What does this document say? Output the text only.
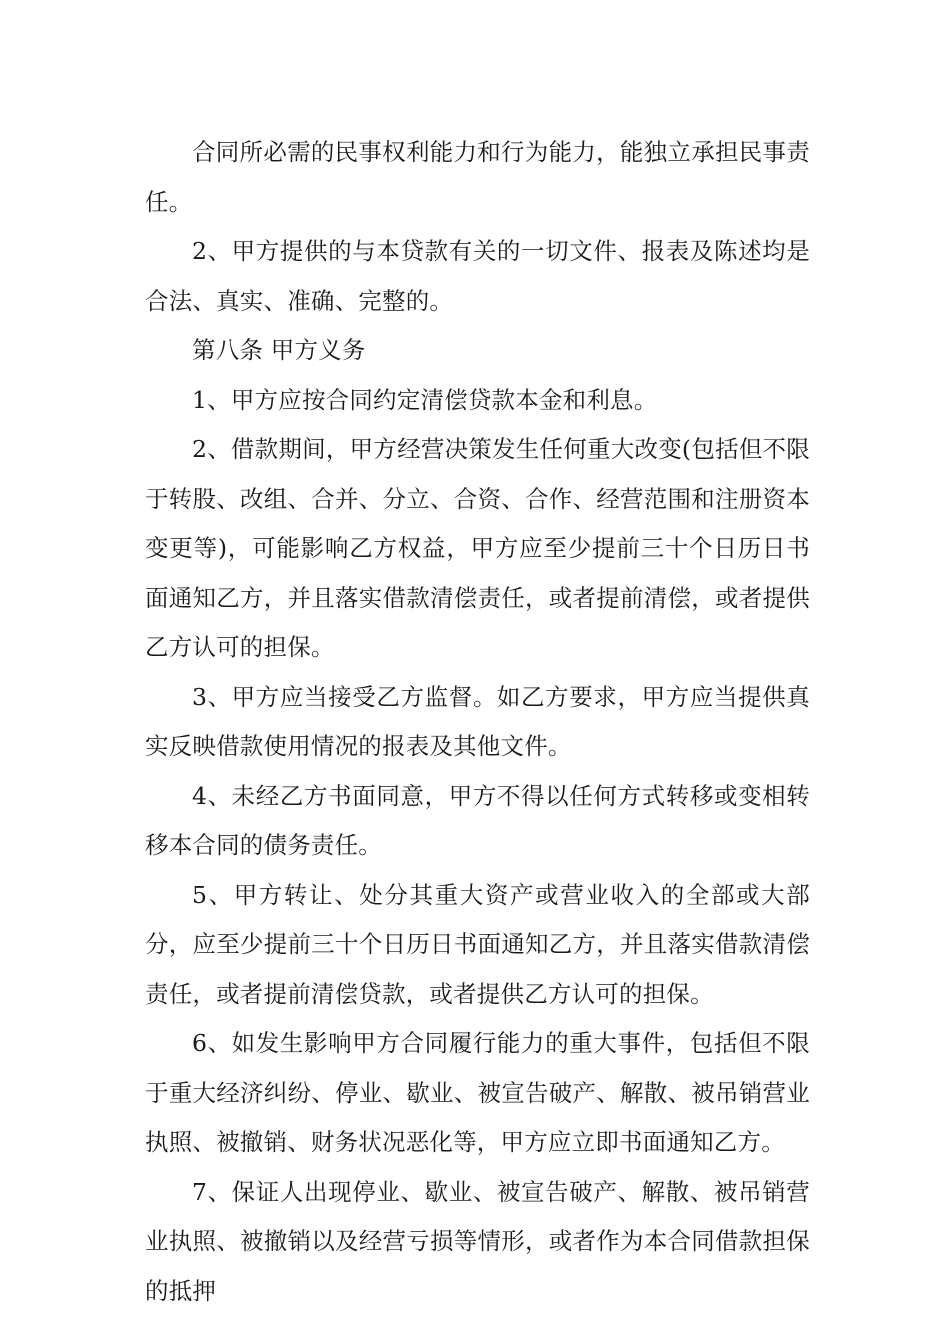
合同所必需的民事权利能力和行为能力，能独立承担民事责任。

2、甲方提供的与本贷款有关的一切文件、报表及陈述均是合法、真实、准确、完整的。

第八条 甲方义务

1、甲方应按合同约定清偿贷款本金和利息。

2、借款期间，甲方经营决策发生任何重大改变(包括但不限于转股、改组、合并、分立、合资、合作、经营范围和注册资本变更等)，可能影响乙方权益，甲方应至少提前三十个日历日书面通知乙方，并且落实借款清偿责任，或者提前清偿，或者提供乙方认可的担保。

3、甲方应当接受乙方监督。如乙方要求，甲方应当提供真实反映借款使用情况的报表及其他文件。

4、未经乙方书面同意，甲方不得以任何方式转移或变相转移本合同的债务责任。

5、甲方转让、处分其重大资产或营业收入的全部或大部分，应至少提前三十个日历日书面通知乙方，并且落实借款清偿责任，或者提前清偿贷款，或者提供乙方认可的担保。

6、如发生影响甲方合同履行能力的重大事件，包括但不限于重大经济纠纷、停业、歇业、被宣告破产、解散、被吊销营业执照、被撤销、财务状况恶化等，甲方应立即书面通知乙方。

7、保证人出现停业、歇业、被宣告破产、解散、被吊销营业执照、被撤销以及经营亏损等情形，或者作为本合同借款担保的抵押
